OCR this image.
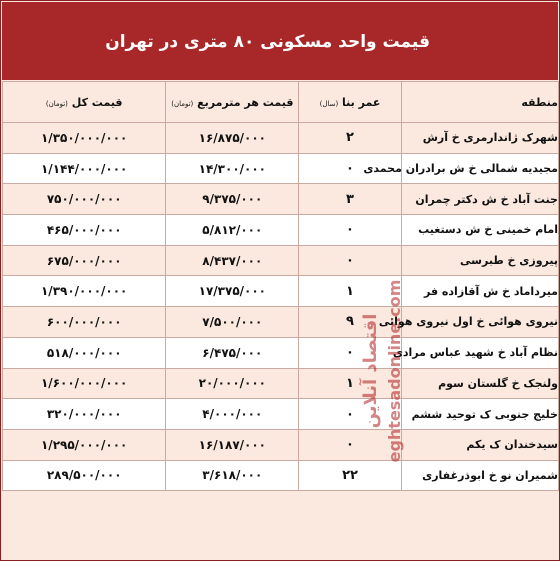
قیمت واحد مسکونی ۸۰ متری در تهران
منطقه	عمر بنا (سال)	قیمت هر مترمربع (تومان)	قیمت کل (تومان)
شهرک ژاندارمری خ آرش	۲	۱۶/۸۷۵/۰۰۰	۱/۳۵۰/۰۰۰/۰۰۰
مجیدیه شمالی خ ش برادران محمدی	۰	۱۴/۳۰۰/۰۰۰	۱/۱۴۴/۰۰۰/۰۰۰
جنت آباد خ ش دکتر چمران	۳	۹/۳۷۵/۰۰۰	۷۵۰/۰۰۰/۰۰۰
امام خمینی خ ش دستغیب	۰	۵/۸۱۲/۰۰۰	۴۶۵/۰۰۰/۰۰۰
پیروزی خ طبرسی	۰	۸/۴۳۷/۰۰۰	۶۷۵/۰۰۰/۰۰۰
میرداماد خ ش آقازاده فر	۱	۱۷/۳۷۵/۰۰۰	۱/۳۹۰/۰۰۰/۰۰۰
نیروی هوائی خ اول نیروی هوائی	۹	۷/۵۰۰/۰۰۰	۶۰۰/۰۰۰/۰۰۰
نظام آباد خ شهید عباس مرادی	۰	۶/۴۷۵/۰۰۰	۵۱۸/۰۰۰/۰۰۰
ولنجک خ گلستان سوم	۱	۲۰/۰۰۰/۰۰۰	۱/۶۰۰/۰۰۰/۰۰۰
خلیج جنوبی ک توحید ششم	۰	۴/۰۰۰/۰۰۰	۳۲۰/۰۰۰/۰۰۰
سیدخندان ک یکم	۰	۱۶/۱۸۷/۰۰۰	۱/۲۹۵/۰۰۰/۰۰۰
شمیران نو خ ابوذرغفاری	۲۲	۳/۶۱۸/۰۰۰	۲۸۹/۵۰۰/۰۰۰
اقتصاد آنلاین eghtesadonline.com
